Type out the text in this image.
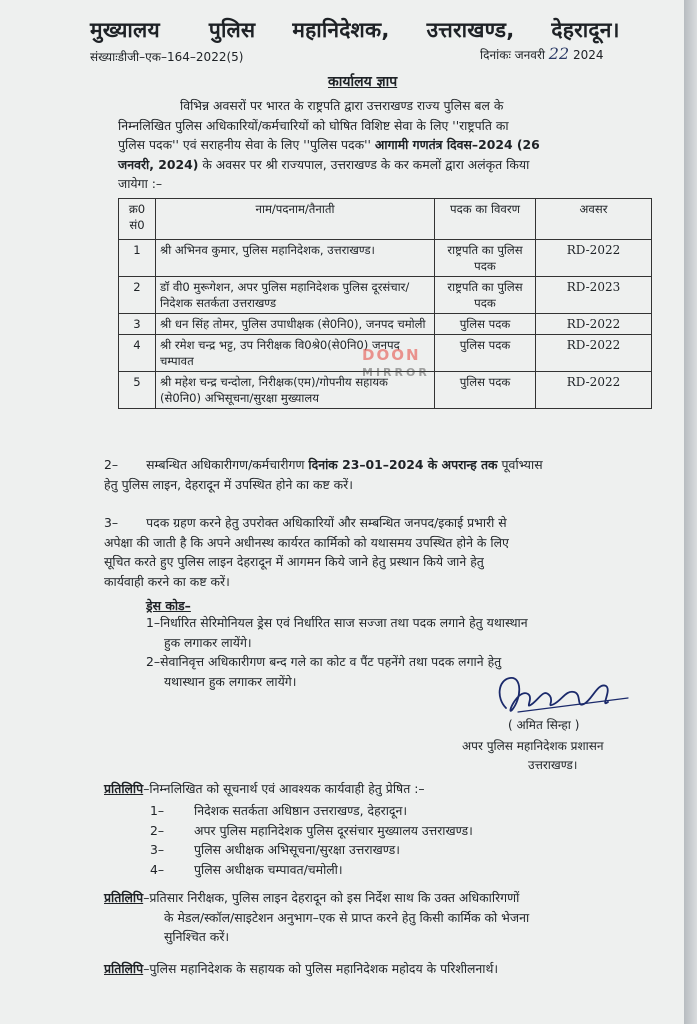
मुख्यालय पुलिस महानिदेशक, उत्तराखण्ड, देहरादून।
संख्याःडीजी–एक–164–2022(5)	दिनांकः जनवरी 22 2024
कार्यालय ज्ञाप
विभिन्न अवसरों पर भारत के राष्ट्रपति द्वारा उत्तराखण्ड राज्य पुलिस बल के
निम्नलिखित पुलिस अधिकारियों/कर्मचारियों को घोषित विशिष्ट सेवा के लिए ''राष्ट्रपति का
पुलिस पदक'' एवं सराहनीय सेवा के लिए ''पुलिस पदक'' आगामी गणतंत्र दिवस–2024 (26
जनवरी, 2024) के अवसर पर श्री राज्यपाल, उत्तराखण्ड के कर कमलों द्वारा अलंकृत किया
जायेगा :–
क्र0 सं0	नाम/पदनाम/तैनाती	पदक का विवरण	अवसर
1	श्री अभिनव कुमार, पुलिस महानिदेशक, उत्तराखण्ड।	राष्ट्रपति का पुलिस पदक	RD-2022
2	डॉ वी0 मुरूगेशन, अपर पुलिस महानिदेशक पुलिस दूरसंचार/निदेशक सतर्कता उत्तराखण्ड	राष्ट्रपति का पुलिस पदक	RD-2023
3	श्री धन सिंह तोमर, पुलिस उपाधीक्षक (से0नि0), जनपद चमोली	पुलिस पदक	RD-2022
4	श्री रमेश चन्द्र भट्ट, उप निरीक्षक वि0श्रे0(से0नि0) जनपद चम्पावत	पुलिस पदक	RD-2022
5	श्री महेश चन्द्र चन्दोला, निरीक्षक(एम)/गोपनीय सहायक (से0नि0) अभिसूचना/सुरक्षा मुख्यालय	पुलिस पदक	RD-2022
DOON
MIRROR
2– सम्बन्धित अधिकारीगण/कर्मचारीगण दिनांक 23–01–2024 के अपरान्ह तक पूर्वाभ्यास
हेतु पुलिस लाइन, देहरादून में उपस्थित होने का कष्ट करें।
3– पदक ग्रहण करने हेतु उपरोक्त अधिकारियों और सम्बन्धित जनपद/इकाई प्रभारी से
अपेक्षा की जाती है कि अपने अधीनस्थ कार्यरत कार्मिको को यथासमय उपस्थित होने के लिए
सूचित करते हुए पुलिस लाइन देहरादून में आगमन किये जाने हेतु प्रस्थान किये जाने हेतु
कार्यवाही करने का कष्ट करें।
ड्रेस कोड–
1–निर्धारित सेरिमोनियल ड्रेस एवं निर्धारित साज सज्जा तथा पदक लगाने हेतु यथास्थान
हुक लगाकर लायेंगे।
2–सेवानिवृत्त अधिकारीगण बन्द गले का कोट व पैंट पहनेंगे तथा पदक लगाने हेतु
यथास्थान हुक लगाकर लायेंगे।
( अमित सिन्हा )
अपर पुलिस महानिदेशक प्रशासन
उत्तराखण्ड।
प्रतिलिपि–निम्नलिखित को सूचनार्थ एवं आवश्यक कार्यवाही हेतु प्रेषित :–
1– निदेशक सतर्कता अधिष्ठान उत्तराखण्ड, देहरादून।
2– अपर पुलिस महानिदेशक पुलिस दूरसंचार मुख्यालय उत्तराखण्ड।
3– पुलिस अधीक्षक अभिसूचना/सुरक्षा उत्तराखण्ड।
4– पुलिस अधीक्षक चम्पावत/चमोली।
प्रतिलिपि–प्रतिसार निरीक्षक, पुलिस लाइन देहरादून को इस निर्देश साथ कि उक्त अधिकारिगणों
के मेडल/स्कॉल/साइटेशन अनुभाग–एक से प्राप्त करने हेतु किसी कार्मिक को भेजना
सुनिश्चित करें।
प्रतिलिपि–पुलिस महानिदेशक के सहायक को पुलिस महानिदेशक महोदय के परिशीलनार्थ।
